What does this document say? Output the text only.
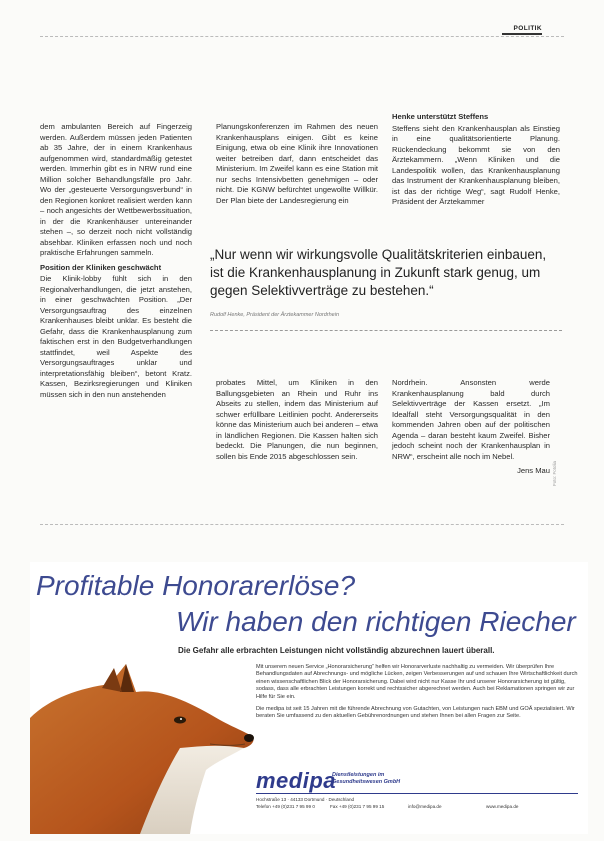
POLITIK

dem ambulanten Bereich auf Fingerzeig werden. Außerdem müssen jeden Patienten ab 35 Jahre, der in einem Krankenhaus aufgenommen wird, standardmäßig getestet werden. Immerhin gibt es in NRW rund eine Million solcher Behandlungsfälle pro Jahr. Wo der „gesteuerte Versorgungsverbund“ in den Regionen konkret realisiert werden kann – noch angesichts der Wettbewerbssituation, in der die Krankenhäuser untereinander stehen –, so derzeit noch nicht vollständig absehbar. Kliniken erfassen noch und noch praktische Erfahrungen sammeln.

Position der Kliniken geschwächt

Die Klinik-lobby fühlt sich in den Regionalverhandlungen, die jetzt anstehen, in einer geschwächten Position. „Der Versorgungsauftrag des einzelnen Krankenhauses bleibt unklar. Es besteht die Gefahr, dass die Krankenhausplanung zum faktischen erst in den Budgetverhandlungen stattfindet, weil Aspekte des Versorgungsauftrages unklar und interpretationsfähig bleiben“, betont Kratz. Kassen, Bezirksregierungen und Kliniken müssen sich in den nun anstehenden

Planungskonferenzen im Rahmen des neuen Krankenhausplans einigen. Gibt es keine Einigung, etwa ob eine Klinik ihre Innovationen weiter betreiben darf, dann entscheidet das Ministerium. Im Zweifel kann es eine Station mit nur sechs Intensivbetten genehmigen – oder nicht. Die KGNW befürchtet ungewollte Willkür. Der Plan biete der Landesregierung ein

Henke unterstützt Steffens

Steffens sieht den Krankenhausplan als Einstieg in eine qualitätsorientierte Planung. Rückendeckung bekommt sie von den Ärztekammern. „Wenn Kliniken und die Landespolitik wollen, das Krankenhausplanung das Instrument der Krankenhausplanung bleiben, ist das der richtige Weg“, sagt Rudolf Henke, Präsident der Ärztekammer

„Nur wenn wir wirkungsvolle Qualitätskriterien einbauen, ist die Krankenhausplanung in Zukunft stark genug, um gegen Selektivverträge zu bestehen.“
Rudolf Henke, Präsident der Ärztekammer Nordrhein

probates Mittel, um Kliniken in den Ballungsgebieten an Rhein und Ruhr ins Abseits zu stellen, indem das Ministerium auf schwer erfüllbare Leitlinien pocht. Andererseits könne das Ministerium auch bei anderen – etwa in ländlichen Regionen. Die Kassen halten sich bedeckt. Die Planungen, die nun beginnen, sollen bis Ende 2015 abgeschlossen sein.

Nordrhein. Ansonsten werde Krankenhausplanung bald durch Selektivverträge der Kassen ersetzt. „Im Idealfall steht Versorgungsqualität in den kommenden Jahren oben auf der politischen Agenda – daran besteht kaum Zweifel. Bisher jedoch scheint noch der Krankenhausplan in NRW“, erscheint alle noch im Nebel.

Jens Mau Foto: Fotolia
Profitable Honorarerlöse?
Wir haben den richtigen Riecher
Die Gefahr alle erbrachten Leistungen nicht vollständig abzurechnen lauert überall.

Mit unserem neuen Service „Honorarsicherung“ helfen wir Honorarverluste nachhaltig zu vermeiden. Wir überprüfen Ihre Behandlungsdaten auf Abrechnungs- und mögliche Lücken, zeigen Verbesserungen auf und schauen Ihre Wirtschaftlichkeit durch einen wissenschaftlichen Blick der Honorarsicherung. Dabei wird nicht nur Kasse Ihr und unserer Honorarsicherung ist gültig, sodass, dass alle erbrachten Leistungen korrekt und rechtssicher abgerechnet werden. Auch bei Reklamationen springen wir zur Hilfe für Sie ein.

Die medipa ist seit 15 Jahren mit die führende Abrechnung von Gutachten, von Leistungen nach EBM und GOÄ spezialisiert. Wir beraten Sie umfassend zu den aktuellen Gebührenordnungen und stehen Ihnen bei allen Fragen zur Seite.

medipa
Dienstleistungen im Gesundheitswesen GmbH
Hochstraße 13 · 44133 Dortmund · Deutschland
Telefon +49 (0)231 7 95 99 0	Fax +49 (0)231 7 95 99 15	info@medipa.de	www.medipa.de
